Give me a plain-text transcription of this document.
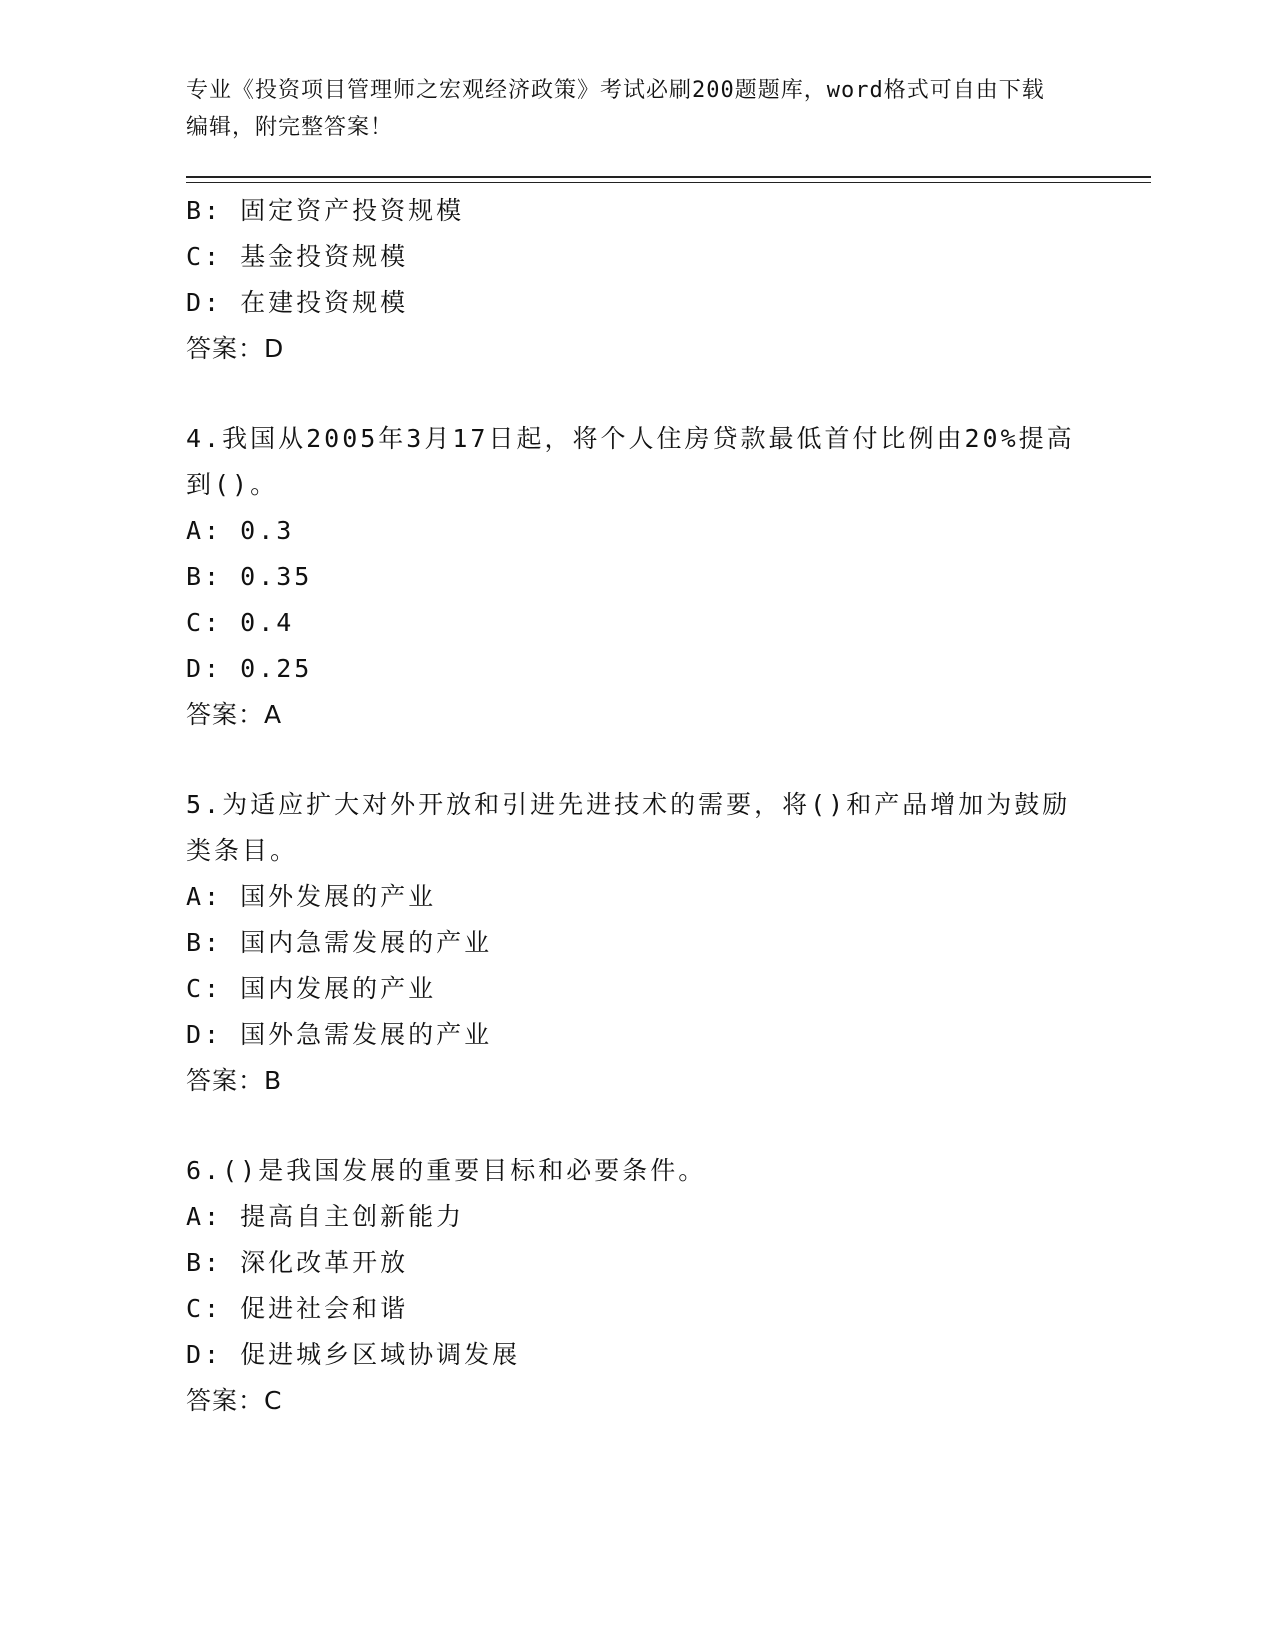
专业《投资项目管理师之宏观经济政策》考试必刷200题题库，word格式可自由下载编辑，附完整答案！
B: 固定资产投资规模
C: 基金投资规模
D: 在建投资规模
答案：D
4.我国从2005年3月17日起，将个人住房贷款最低首付比例由20%提高到()。
A: 0.3
B: 0.35
C: 0.4
D: 0.25
答案：A
5.为适应扩大对外开放和引进先进技术的需要，将()和产品增加为鼓励类条目。
A: 国外发展的产业
B: 国内急需发展的产业
C: 国内发展的产业
D: 国外急需发展的产业
答案：B
6.()是我国发展的重要目标和必要条件。
A: 提高自主创新能力
B: 深化改革开放
C: 促进社会和谐
D: 促进城乡区域协调发展
答案：C
